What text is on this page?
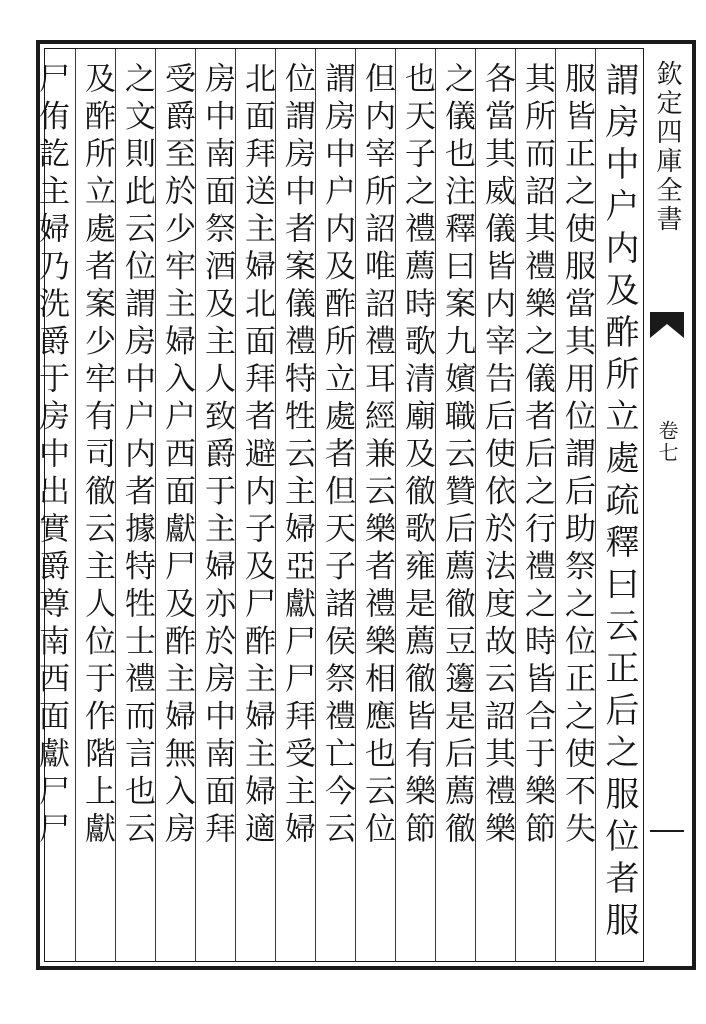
欽定四庫全書
卷七
謂房中户内及酢所立處疏釋曰云正后之服位者服
服皆正之使服當其用位謂后助祭之位正之使不失
其所而詔其禮樂之儀者后之行禮之時皆合于樂節
各當其威儀皆内宰告后使依於法度故云詔其禮樂
之儀也注釋曰案九嬪職云贊后薦徹豆籩是后薦徹
也天子之禮薦時歌清廟及徹歌雍是薦徹皆有樂節
但内宰所詔唯詔禮耳經兼云樂者禮樂相應也云位
謂房中户内及酢所立處者但天子諸侯祭禮亡今云
位謂房中者案儀禮特牲云主婦亞獻尸尸拜受主婦
北面拜送主婦北面拜者避内子及尸酢主婦主婦適
房中南面祭酒及主人致爵于主婦亦於房中南面拜
受爵至於少牢主婦入户西面獻尸及酢主婦無入房
之文則此云位謂房中户内者據特牲士禮而言也云
及酢所立處者案少牢有司徹云主人位于作階上獻
尸侑訖主婦乃洗爵于房中出實爵尊南西面獻尸尸
